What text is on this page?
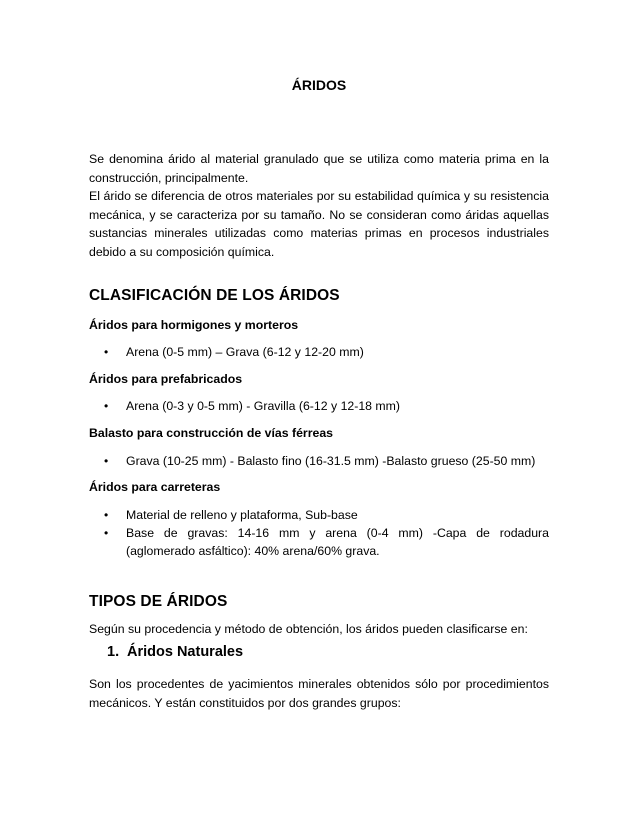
ÁRIDOS

Se denomina árido al material granulado que se utiliza como materia prima en la construcción, principalmente.

El árido se diferencia de otros materiales por su estabilidad química y su resistencia mecánica, y se caracteriza por su tamaño. No se consideran como áridas aquellas sustancias minerales utilizadas como materias primas en procesos industriales debido a su composición química.

CLASIFICACIÓN DE LOS ÁRIDOS

Áridos para hormigones y morteros

• Arena (0-5 mm) – Grava (6-12 y 12-20 mm)

Áridos para prefabricados

• Arena (0-3 y 0-5 mm) - Gravilla (6-12 y 12-18 mm)

Balasto para construcción de vías férreas

• Grava (10-25 mm) - Balasto fino (16-31.5 mm) -Balasto grueso (25-50 mm)

Áridos para carreteras

• Material de relleno y plataforma, Sub-base
• Base de gravas: 14-16 mm y arena (0-4 mm) -Capa de rodadura (aglomerado asfáltico): 40% arena/60% grava.
TIPOS DE ÁRIDOS

Según su procedencia y método de obtención, los áridos pueden clasificarse en:

1. Áridos Naturales

Son los procedentes de yacimientos minerales obtenidos sólo por procedimientos mecánicos. Y están constituidos por dos grandes grupos:
